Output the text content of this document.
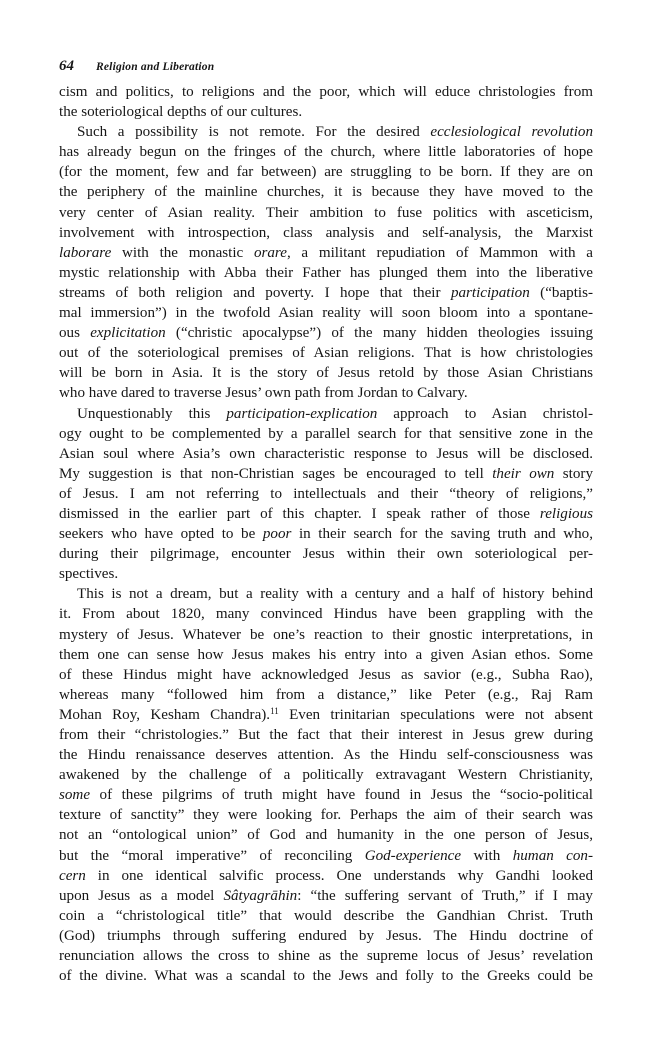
64 Religion and Liberation
cism and politics, to religions and the poor, which will educe christologies from
the soteriological depths of our cultures.
Such a possibility is not remote. For the desired ecclesiological revolution
has already begun on the fringes of the church, where little laboratories of hope
(for the moment, few and far between) are struggling to be born. If they are on
the periphery of the mainline churches, it is because they have moved to the
very center of Asian reality. Their ambition to fuse politics with asceticism,
involvement with introspection, class analysis and self-analysis, the Marxist
laborare with the monastic orare, a militant repudiation of Mammon with a
mystic relationship with Abba their Father has plunged them into the liberative
streams of both religion and poverty. I hope that their participation (“baptis-
mal immersion”) in the twofold Asian reality will soon bloom into a spontane-
ous explicitation (“christic apocalypse”) of the many hidden theologies issuing
out of the soteriological premises of Asian religions. That is how christologies
will be born in Asia. It is the story of Jesus retold by those Asian Christians
who have dared to traverse Jesus’ own path from Jordan to Calvary.
Unquestionably this participation-explication approach to Asian christol-
ogy ought to be complemented by a parallel search for that sensitive zone in the
Asian soul where Asia’s own characteristic response to Jesus will be disclosed.
My suggestion is that non-Christian sages be encouraged to tell their own story
of Jesus. I am not referring to intellectuals and their “theory of religions,”
dismissed in the earlier part of this chapter. I speak rather of those religious
seekers who have opted to be poor in their search for the saving truth and who,
during their pilgrimage, encounter Jesus within their own soteriological per-
spectives.
This is not a dream, but a reality with a century and a half of history behind
it. From about 1820, many convinced Hindus have been grappling with the
mystery of Jesus. Whatever be one’s reaction to their gnostic interpretations, in
them one can sense how Jesus makes his entry into a given Asian ethos. Some
of these Hindus might have acknowledged Jesus as savior (e.g., Subha Rao),
whereas many “followed him from a distance,” like Peter (e.g., Raj Ram
Mohan Roy, Kesham Chandra).$^{11}$ Even trinitarian speculations were not absent
from their “christologies.” But the fact that their interest in Jesus grew during
the Hindu renaissance deserves attention. As the Hindu self-consciousness was
awakened by the challenge of a politically extravagant Western Christianity,
some of these pilgrims of truth might have found in Jesus the “socio-political
texture of sanctity” they were looking for. Perhaps the aim of their search was
not an “ontological union” of God and humanity in the one person of Jesus,
but the “moral imperative” of reconciling God-experience with human con-
cern in one identical salvific process. One understands why Gandhi looked
upon Jesus as a model Sâtyagrāhin: “the suffering servant of Truth,” if I may
coin a “christological title” that would describe the Gandhian Christ. Truth
(God) triumphs through suffering endured by Jesus. The Hindu doctrine of
renunciation allows the cross to shine as the supreme locus of Jesus’ revelation
of the divine. What was a scandal to the Jews and folly to the Greeks could be
